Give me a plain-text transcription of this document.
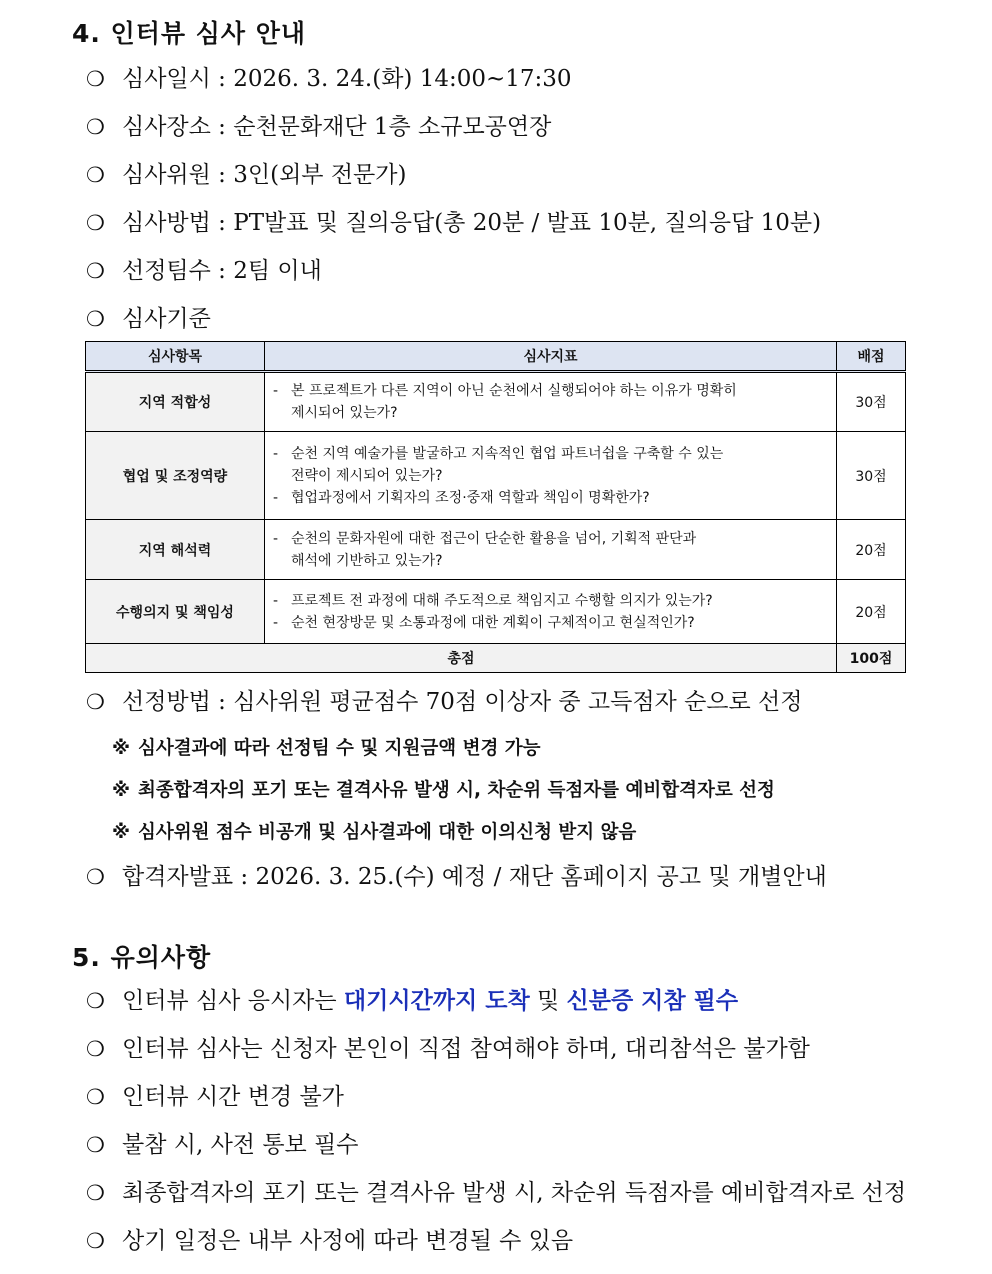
4. 인터뷰 심사 안내
❍ 심사일시 : 2026. 3. 24.(화) 14:00~17:30
❍ 심사장소 : 순천문화재단 1층 소규모공연장
❍ 심사위원 : 3인(외부 전문가)
❍ 심사방법 : PT발표 및 질의응답(총 20분 / 발표 10분, 질의응답 10분)
❍ 선정팀수 : 2팀 이내
❍ 심사기준
심사항목	심사지표	배점
지역 적합성	- 본 프로젝트가 다른 지역이 아닌 순천에서 실행되어야 하는 이유가 명확히
제시되어 있는가?	30점
협업 및 조정역량	- 순천 지역 예술가를 발굴하고 지속적인 협업 파트너쉽을 구축할 수 있는
전략이 제시되어 있는가?
- 협업과정에서 기획자의 조정·중재 역할과 책임이 명확한가?	30점
지역 해석력	- 순천의 문화자원에 대한 접근이 단순한 활용을 넘어, 기획적 판단과
해석에 기반하고 있는가?	20점
수행의지 및 책임성	- 프로젝트 전 과정에 대해 주도적으로 책임지고 수행할 의지가 있는가?
- 순천 현장방문 및 소통과정에 대한 계획이 구체적이고 현실적인가?	20점
총점		100점
❍ 선정방법 : 심사위원 평균점수 70점 이상자 중 고득점자 순으로 선정
※ 심사결과에 따라 선정팀 수 및 지원금액 변경 가능
※ 최종합격자의 포기 또는 결격사유 발생 시, 차순위 득점자를 예비합격자로 선정
※ 심사위원 점수 비공개 및 심사결과에 대한 이의신청 받지 않음
❍ 합격자발표 : 2026. 3. 25.(수) 예정 / 재단 홈페이지 공고 및 개별안내
5. 유의사항
❍ 인터뷰 심사 응시자는 대기시간까지 도착 및 신분증 지참 필수
❍ 인터뷰 심사는 신청자 본인이 직접 참여해야 하며, 대리참석은 불가함
❍ 인터뷰 시간 변경 불가
❍ 불참 시, 사전 통보 필수
❍ 최종합격자의 포기 또는 결격사유 발생 시, 차순위 득점자를 예비합격자로 선정
❍ 상기 일정은 내부 사정에 따라 변경될 수 있음
